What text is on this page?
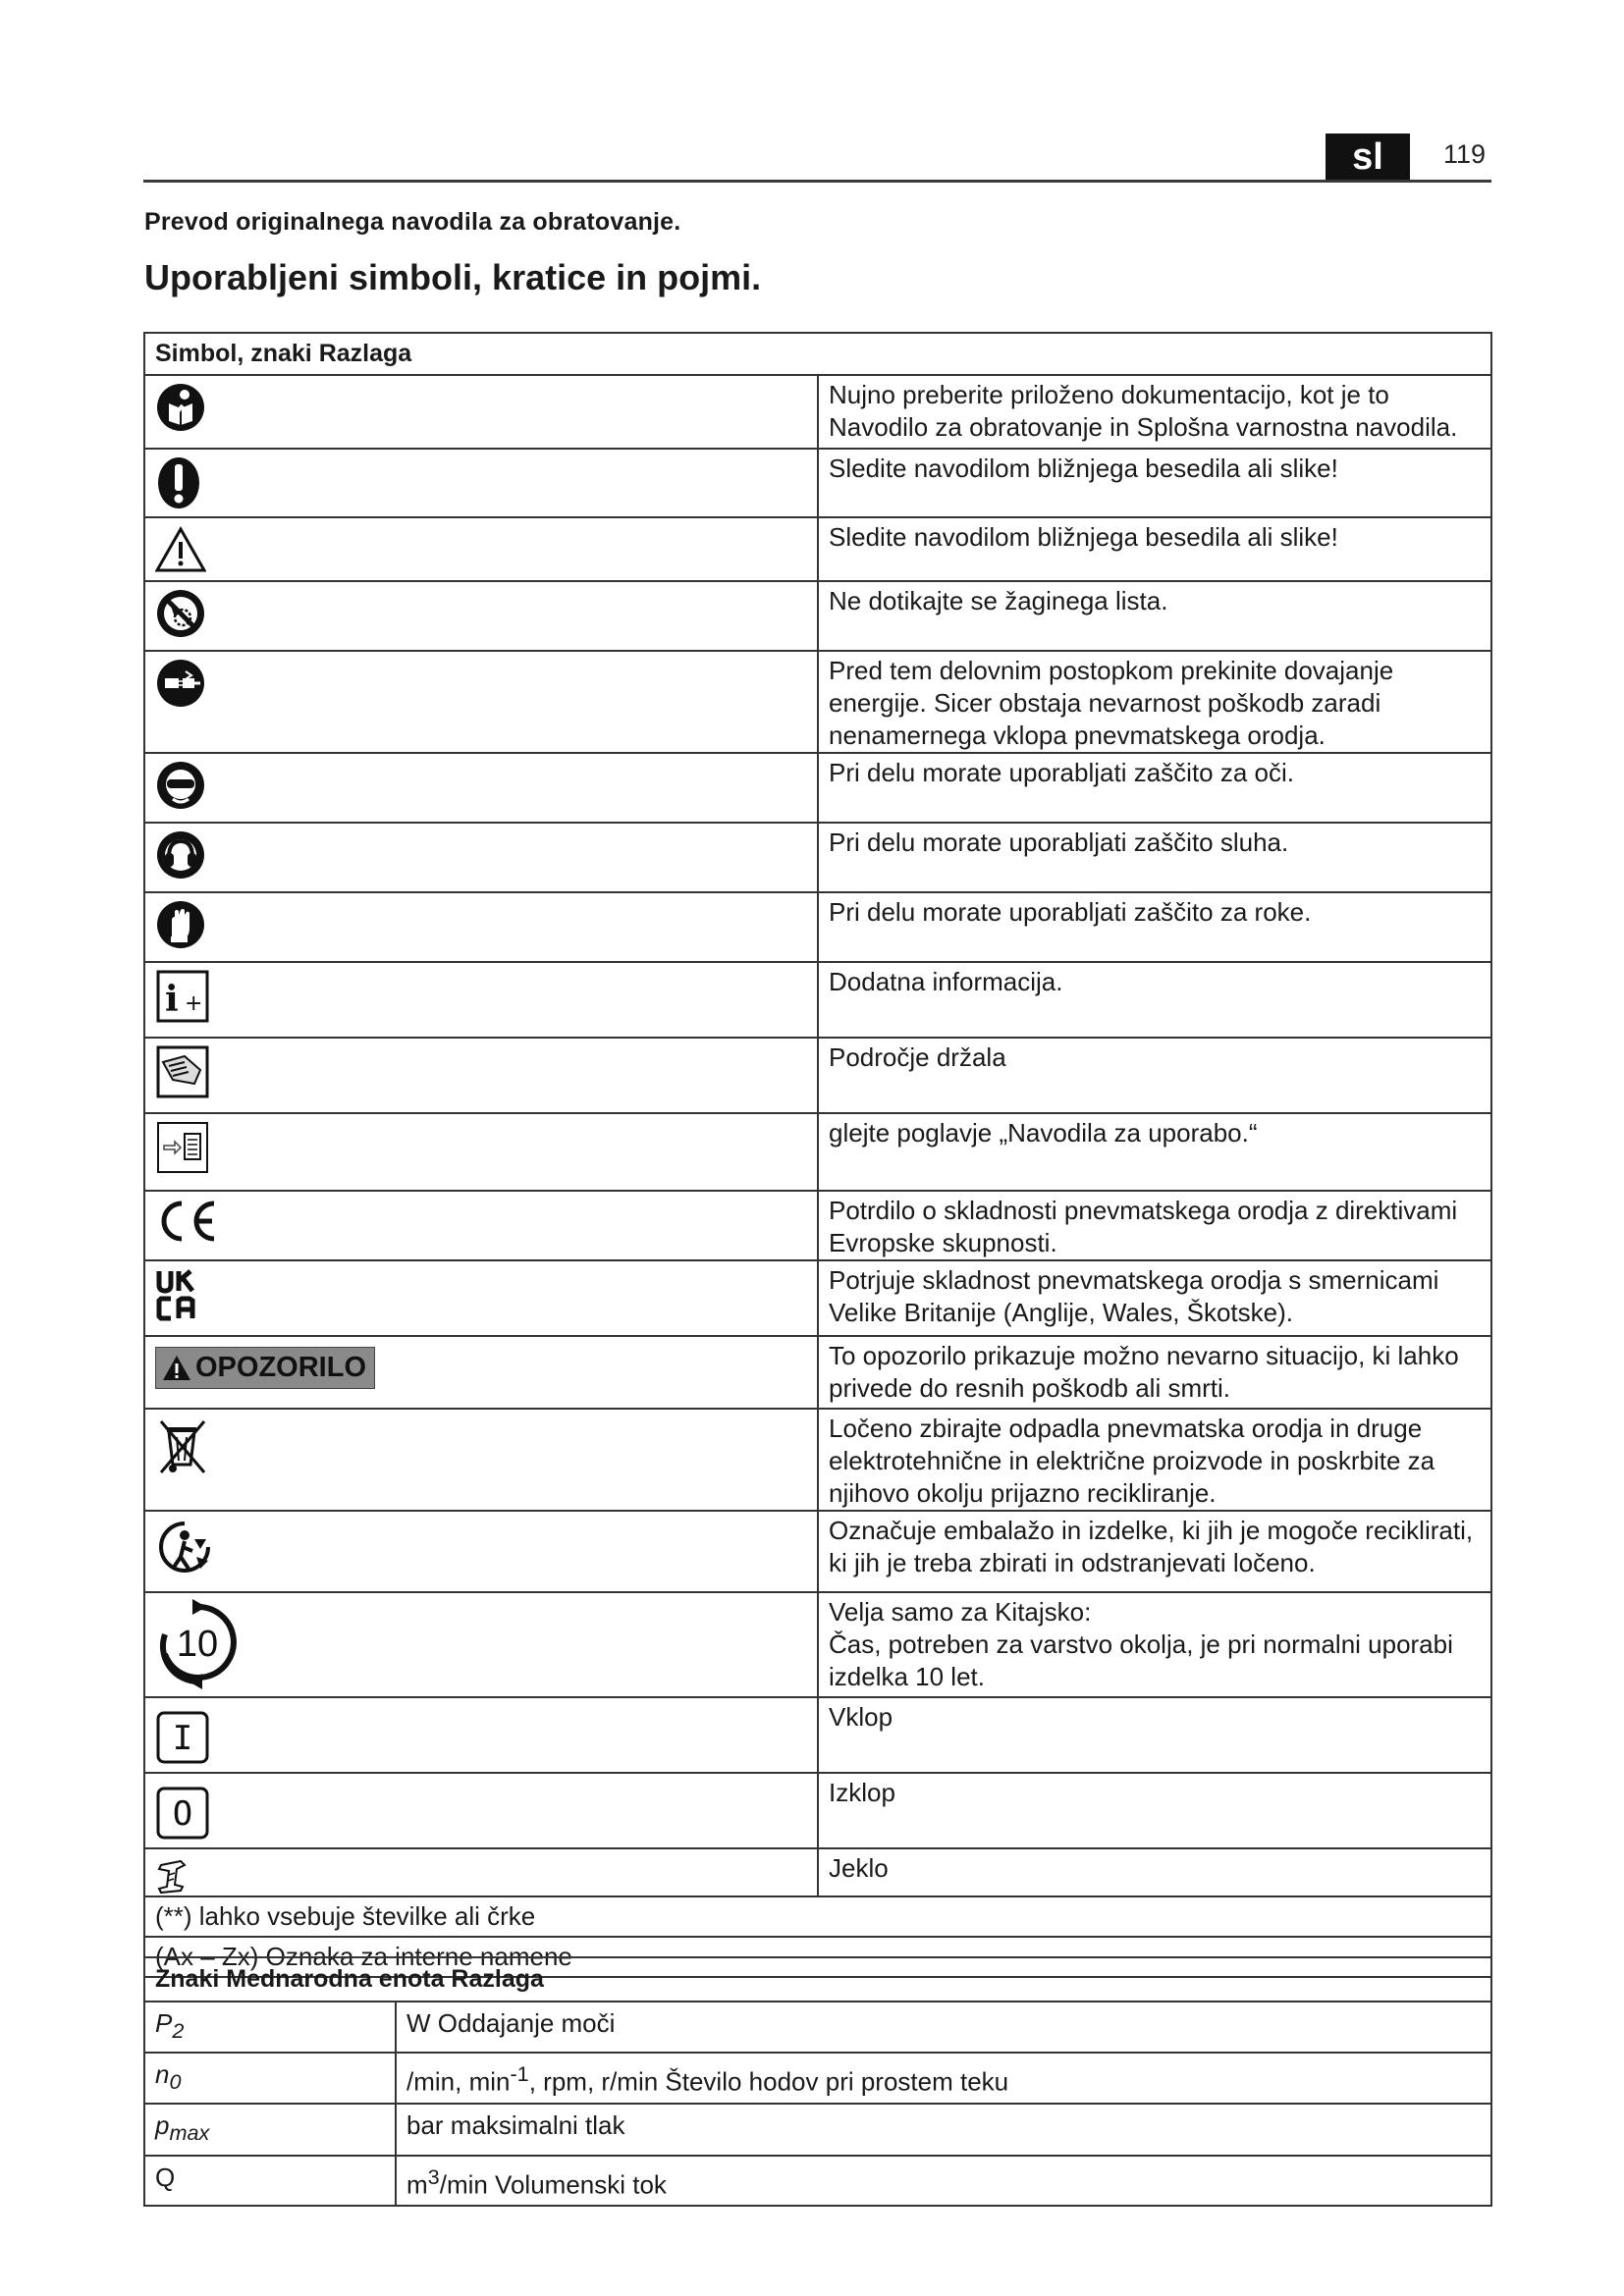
sl	119
Prevod originalnega navodila za obratovanje.
Uporabljeni simboli, kratice in pojmi.
Simbol, znaki Razlaga	

	Nujno preberite priloženo dokumentacijo, kot je to Navodilo za obratovanje in Splošna varnostna navodila.

	Sledite navodilom bližnjega besedila ali slike!

	Sledite navodilom bližnjega besedila ali slike!

	Ne dotikajte se žaginega lista.

	Pred tem delovnim postopkom prekinite dovajanje energije. Sicer obstaja nevarnost poškodb zaradi nenamernega vklopa pnevmatskega orodja.

	Pri delu morate uporabljati zaščito za oči.

	Pri delu morate uporabljati zaščito sluha.

	Pri delu morate uporabljati zaščito za roke.

i +	Dodatna informacija.

	Področje držala

	glejte poglavje „Navodila za uporabo.“

	Potrdilo o skladnosti pnevmatskega orodja z direktivami Evropske skupnosti.

	Potrjuje skladnost pnevmatskega orodja s smernicami Velike Britanije (Anglije, Wales, Škotske).

OPOZORILO	To opozorilo prikazuje možno nevarno situacijo, ki lahko privede do resnih poškodb ali smrti.

	Ločeno zbirajte odpadla pnevmatska orodja in druge elektrotehnične in električne proizvode in poskrbite za njihovo okolju prijazno recikliranje.

	Označuje embalažo in izdelke, ki jih je mogoče reciklirati, ki jih je treba zbirati in odstranjevati ločeno.

10	Velja samo za Kitajsko:
Čas, potreben za varstvo okolja, je pri normalni uporabi izdelka 10 let.

I	Vklop

O	Izklop

	Jeklo
(**) lahko vsebuje številke ali črke	
(Ax – Zx) Oznaka za interne namene	
Znaki Mednarodna enota Razlaga	
$P_2$	W Oddajanje moči
$n_0$	/min, $\min^{-1}$, rpm, r/min Število hodov pri prostem teku
$p_{max}$	bar maksimalni tlak
Q	$m^3/\min$ Volumenski tok
